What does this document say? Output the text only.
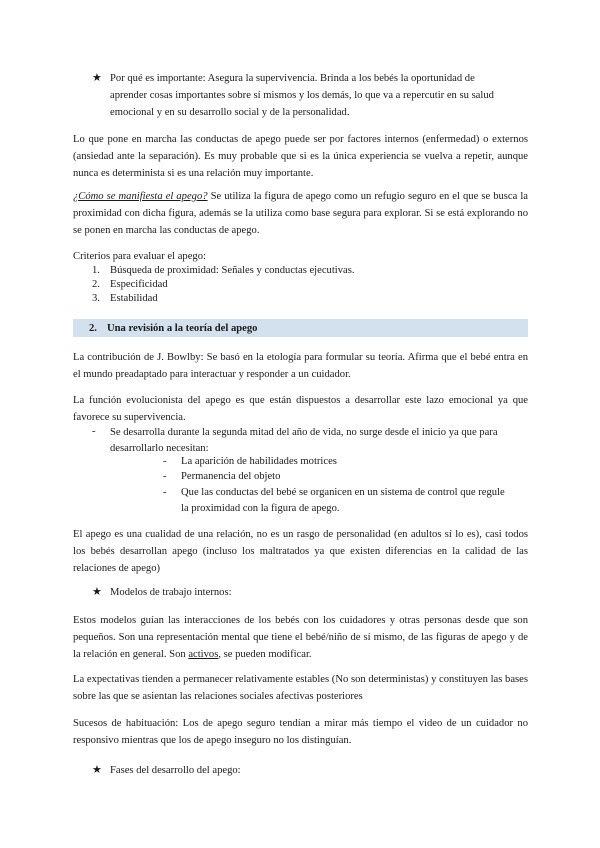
★ Por qué es importante: Asegura la supervivencia. Brinda a los bebés la oportunidad de

aprender cosas importantes sobre sí mismos y los demás, lo que va a repercutir en su salud

emocional y en su desarrollo social y de la personalidad.

Lo que pone en marcha las conductas de apego puede ser por factores internos (enfermedad) o externos (ansiedad ante la separación). Es muy probable que si es la única experiencia se vuelva a repetir, aunque nunca es determinista si es una relación muy importante.

¿Cómo se manifiesta el apego? Se utiliza la figura de apego como un refugio seguro en el que se busca la proximidad con dicha figura, además se la utiliza como base segura para explorar. Si se está explorando no se ponen en marcha las conductas de apego.

Criterios para evaluar el apego:

1. Búsqueda de proximidad: Señales y conductas ejecutivas.
2. Especificidad
3. Estabilidad
2. Una revisión a la teoría del apego

La contribución de J. Bowlby: Se basó en la etología para formular su teoría. Afirma que el bebé entra en el mundo preadaptado para interactuar y responder a un cuidador.

La función evolucionista del apego es que están dispuestos a desarrollar este lazo emocional ya que favorece su supervivencia.

- Se desarrolla durante la segunda mitad del año de vida, no surge desde el inicio ya que para

desarrollarlo necesitan:

- La aparición de habilidades motrices
- Permanencia del objeto
- Que las conductas del bebé se organicen en un sistema de control que regule
la proximidad con la figura de apego.

El apego es una cualidad de una relación, no es un rasgo de personalidad (en adultos sí lo es), casi todos los bebés desarrollan apego (incluso los maltratados ya que existen diferencias en la calidad de las relaciones de apego)

★ Modelos de trabajo internos:

Estos modelos guían las interacciones de los bebés con los cuidadores y otras personas desde que son pequeños. Son una representación mental que tiene el bebé/niño de sí mismo, de las figuras de apego y de la relación en general. Son activos, se pueden modificar.

La expectativas tienden a permanecer relativamente estables (No son deterministas) y constituyen las bases sobre las que se asientan las relaciones sociales afectivas posteriores

Sucesos de habituación: Los de apego seguro tendían a mirar más tiempo el video de un cuidador no responsivo mientras que los de apego inseguro no los distinguían.

★ Fases del desarrollo del apego:
